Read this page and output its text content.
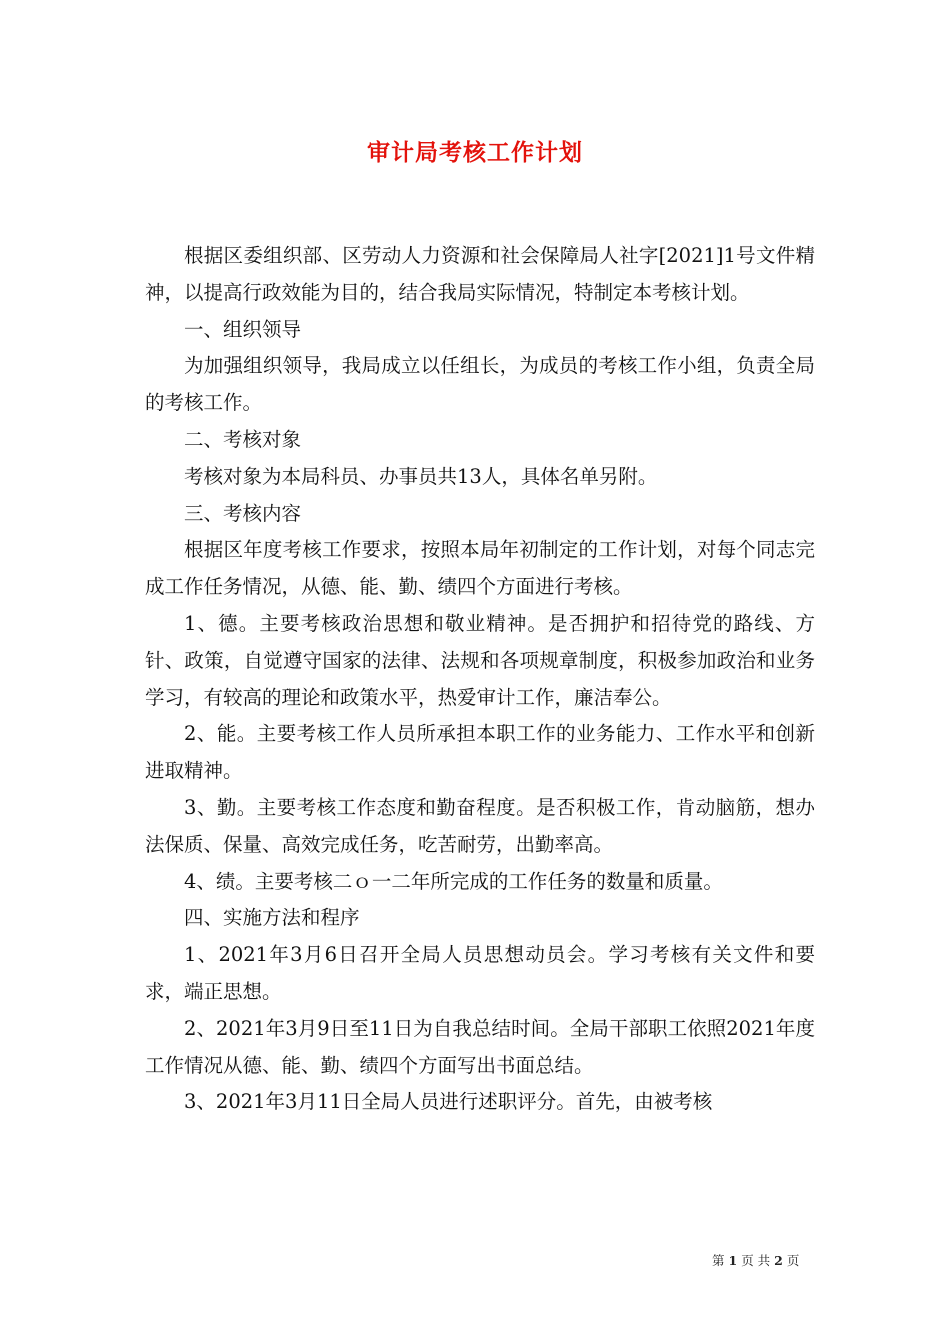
审计局考核工作计划

根据区委组织部、区劳动人力资源和社会保障局人社字[2021]1号文件精神，以提高行政效能为目的，结合我局实际情况，特制定本考核计划。

一、组织领导

为加强组织领导，我局成立以任组长，为成员的考核工作小组，负责全局的考核工作。

二、考核对象

考核对象为本局科员、办事员共13人，具体名单另附。

三、考核内容

根据区年度考核工作要求，按照本局年初制定的工作计划，对每个同志完成工作任务情况，从德、能、勤、绩四个方面进行考核。

1、德。主要考核政治思想和敬业精神。是否拥护和招待党的路线、方针、政策，自觉遵守国家的法律、法规和各项规章制度，积极参加政治和业务学习，有较高的理论和政策水平，热爱审计工作，廉洁奉公。

2、能。主要考核工作人员所承担本职工作的业务能力、工作水平和创新进取精神。

3、勤。主要考核工作态度和勤奋程度。是否积极工作，肯动脑筋，想办法保质、保量、高效完成任务，吃苦耐劳，出勤率高。

4、绩。主要考核二ｏ一二年所完成的工作任务的数量和质量。

四、实施方法和程序

1、2021年3月6日召开全局人员思想动员会。学习考核有关文件和要求，端正思想。

2、2021年3月9日至11日为自我总结时间。全局干部职工依照2021年度工作情况从德、能、勤、绩四个方面写出书面总结。

3、2021年3月11日全局人员进行述职评分。首先，由被考核

第 1 页 共 2 页
